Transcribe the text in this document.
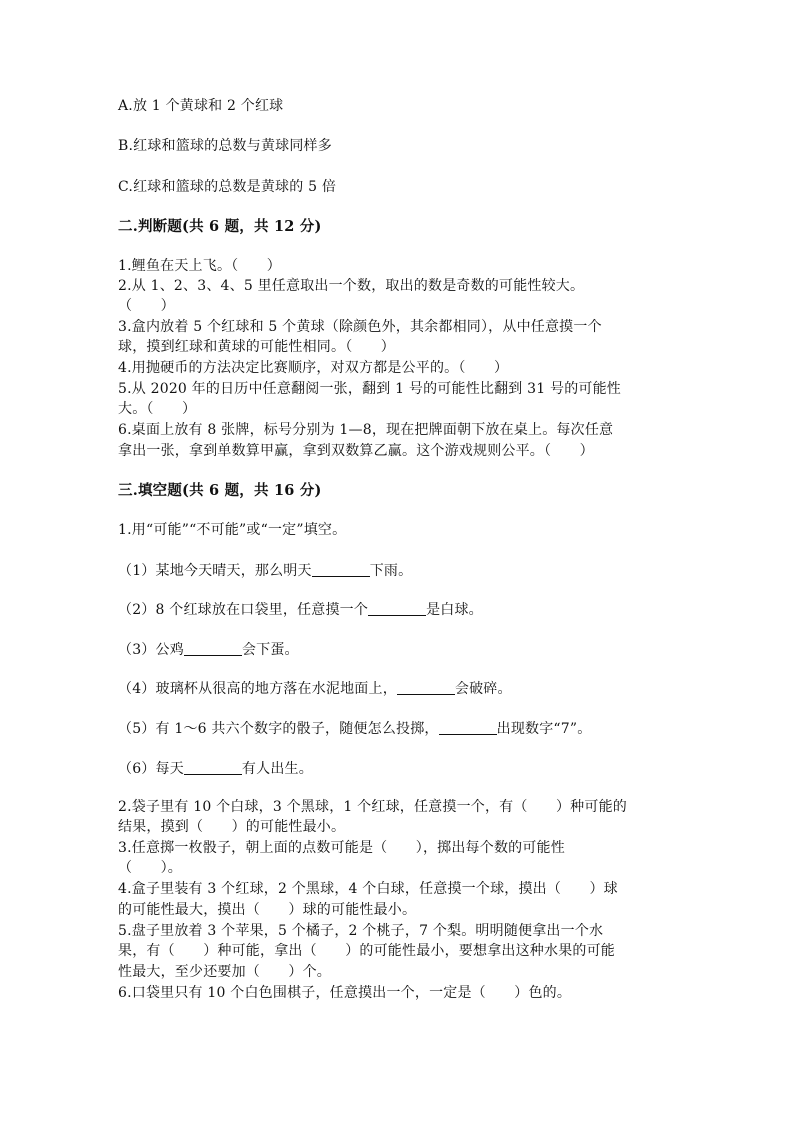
A.放 1 个黄球和 2 个红球
B.红球和篮球的总数与黄球同样多
C.红球和篮球的总数是黄球的 5 倍
二.判断题(共 6 题，共 12 分)
1.鲤鱼在天上飞。（　　）
2.从 1、2、3、4、5 里任意取出一个数，取出的数是奇数的可能性较大。
（　　）
3.盒内放着 5 个红球和 5 个黄球（除颜色外，其余都相同），从中任意摸一个
球，摸到红球和黄球的可能性相同。（　　）
4.用抛硬币的方法决定比赛顺序，对双方都是公平的。（　　）
5.从 2020 年的日历中任意翻阅一张，翻到 1 号的可能性比翻到 31 号的可能性
大。（　　）
6.桌面上放有 8 张牌，标号分别为 1—8，现在把牌面朝下放在桌上。每次任意
拿出一张，拿到单数算甲赢，拿到双数算乙赢。这个游戏规则公平。（　　）
三.填空题(共 6 题，共 16 分)
1.用“可能”“不可能”或“一定”填空。
（1）某地今天晴天，那么明天	下雨。
（2）8 个红球放在口袋里，任意摸一个	是白球。
（3）公鸡	会下蛋。
（4）玻璃杯从很高的地方落在水泥地面上，	会破碎。
（5）有 1～6 共六个数字的骰子，随便怎么投掷，	出现数字“7”。
（6）每天	有人出生。
2.袋子里有 10 个白球，3 个黑球，1 个红球，任意摸一个，有（　　）种可能的
结果，摸到（　　）的可能性最小。
3.任意掷一枚骰子，朝上面的点数可能是（　　），掷出每个数的可能性
（　　）。
4.盒子里装有 3 个红球，2 个黑球，4 个白球，任意摸一个球，摸出（　　）球
的可能性最大，摸出（　　）球的可能性最小。
5.盘子里放着 3 个苹果，5 个橘子，2 个桃子，7 个梨。明明随便拿出一个水
果，有（　　）种可能，拿出（　　）的可能性最小，要想拿出这种水果的可能
性最大，至少还要加（　　）个。
6.口袋里只有 10 个白色围棋子，任意摸出一个，一定是（　　）色的。
